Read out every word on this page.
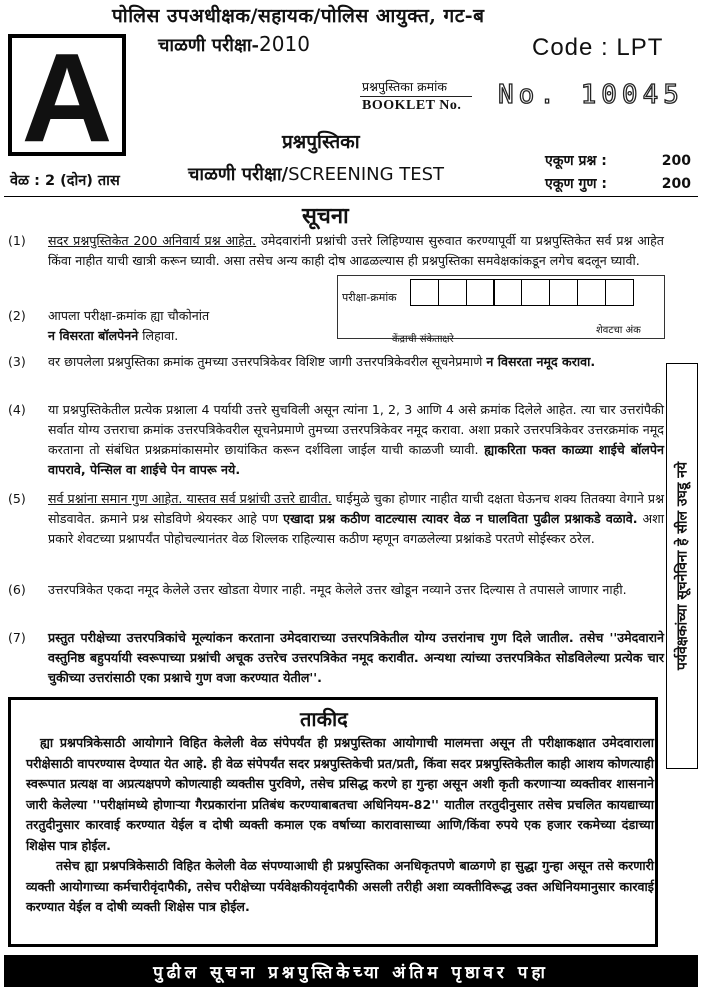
पोलिस उपअधीक्षक/सहायक/पोलिस आयुक्त, गट-ब
चाळणी परीक्षा-2010	Code : LPT
A	प्रश्नपुस्तिका क्रमांक
BOOKLET No. No. 10045
प्रश्नपुस्तिका
चाळणी परीक्षा/SCREENING TEST
वेळ : 2 (दोन) तास
एकूण प्रश्न :	200
एकूण गुण :	200
सूचना
(1)	सदर प्रश्नपुस्तिकेत 200 अनिवार्य प्रश्न आहेत. उमेदवारांनी प्रश्नांची उत्तरे लिहिण्यास सुरुवात करण्यापूर्वी या प्रश्नपुस्तिकेत सर्व प्रश्न आहेत किंवा नाहीत याची खात्री करून घ्यावी. असा तसेच अन्य काही दोष आढळल्यास ही प्रश्नपुस्तिका समवेक्षकांकडून लगेच बदलून घ्यावी.
परीक्षा-क्रमांक
केंद्राची संकेताक्षरे
शेवटचा अंक
(2)	आपला परीक्षा-क्रमांक ह्या चौकोनांत
न विसरता बॉलपेनने लिहावा.
(3)	वर छापलेला प्रश्नपुस्तिका क्रमांक तुमच्या उत्तरपत्रिकेवर विशिष्ट जागी उत्तरपत्रिकेवरील सूचनेप्रमाणे न विसरता नमूद करावा.
(4)	या प्रश्नपुस्तिकेतील प्रत्येक प्रश्नाला 4 पर्यायी उत्तरे सुचविली असून त्यांना 1, 2, 3 आणि 4 असे क्रमांक दिलेले आहेत. त्या चार उत्तरांपैकी सर्वात योग्य उत्तराचा क्रमांक उत्तरपत्रिकेवरील सूचनेप्रमाणे तुमच्या उत्तरपत्रिकेवर नमूद करावा. अशा प्रकारे उत्तरपत्रिकेवर उत्तरक्रमांक नमूद करताना तो संबंधित प्रश्नक्रमांकासमोर छायांकित करून दर्शविला जाईल याची काळजी घ्यावी. ह्याकरिता फक्त काळ्या शाईचे बॉलपेन वापरावे, पेन्सिल वा शाईचे पेन वापरू नये.
(5)	सर्व प्रश्नांना समान गुण आहेत. यास्तव सर्व प्रश्नांची उत्तरे द्यावीत. घाईमुळे चुका होणार नाहीत याची दक्षता घेऊनच शक्य तितक्या वेगाने प्रश्न सोडवावेत. क्रमाने प्रश्न सोडविणे श्रेयस्कर आहे पण एखादा प्रश्न कठीण वाटल्यास त्यावर वेळ न घालविता पुढील प्रश्नाकडे वळावे. अशा प्रकारे शेवटच्या प्रश्नापर्यंत पोहोचल्यानंतर वेळ शिल्लक राहिल्यास कठीण म्हणून वगळलेल्या प्रश्नांकडे परतणे सोईस्कर ठरेल.
(6)	उत्तरपत्रिकेत एकदा नमूद केलेले उत्तर खोडता येणार नाही. नमूद केलेले उत्तर खोडून नव्याने उत्तर दिल्यास ते तपासले जाणार नाही.
(7)	प्रस्तुत परीक्षेच्या उत्तरपत्रिकांचे मूल्यांकन करताना उमेदवाराच्या उत्तरपत्रिकेतील योग्य उत्तरांनाच गुण दिले जातील. तसेच ''उमेदवाराने वस्तुनिष्ठ बहुपर्यायी स्वरूपाच्या प्रश्नांची अचूक उत्तरेच उत्तरपत्रिकेत नमूद करावीत. अन्यथा त्यांच्या उत्तरपत्रिकेत सोडविलेल्या प्रत्येक चार चुकीच्या उत्तरांसाठी एका प्रश्नाचे गुण वजा करण्यात येतील''.
पर्यवेक्षकांच्या सूचनेविना हे सील उघडू नये
ताकीद

ह्या प्रश्नपत्रिकेसाठी आयोगाने विहित केलेली वेळ संपेपर्यंत ही प्रश्नपुस्तिका आयोगाची मालमत्ता असून ती परीक्षाकक्षात उमेदवाराला परीक्षेसाठी वापरण्यास देण्यात येत आहे. ही वेळ संपेपर्यंत सदर प्रश्नपुस्तिकेची प्रत/प्रती, किंवा सदर प्रश्नपुस्तिकेतील काही आशय कोणत्याही स्वरूपात प्रत्यक्ष वा अप्रत्यक्षपणे कोणत्याही व्यक्तीस पुरविणे, तसेच प्रसिद्ध करणे हा गुन्हा असून अशी कृती करणाऱ्या व्यक्तीवर शासनाने जारी केलेल्या ''परीक्षांमध्ये होणाऱ्या गैरप्रकारांना प्रतिबंध करण्याबाबतचा अधिनियम-82'' यातील तरतुदीनुसार तसेच प्रचलित कायद्याच्या तरतुदीनुसार कारवाई करण्यात येईल व दोषी व्यक्ती कमाल एक वर्षाच्या कारावासाच्या आणि/किंवा रुपये एक हजार रकमेच्या दंडाच्या शिक्षेस पात्र होईल.

तसेच ह्या प्रश्नपत्रिकेसाठी विहित केलेली वेळ संपण्याआधी ही प्रश्नपुस्तिका अनधिकृतपणे बाळगणे हा सुद्धा गुन्हा असून तसे करणारी व्यक्ती आयोगाच्या कर्मचारीवृंदापैकी, तसेच परीक्षेच्या पर्यवेक्षकीयवृंदापैकी असली तरीही अशा व्यक्तीविरूद्ध उक्त अधिनियमानुसार कारवाई करण्यात येईल व दोषी व्यक्ती शिक्षेस पात्र होईल.

पुढील सूचना प्रश्नपुस्तिकेच्या अंतिम पृष्ठावर पहा
